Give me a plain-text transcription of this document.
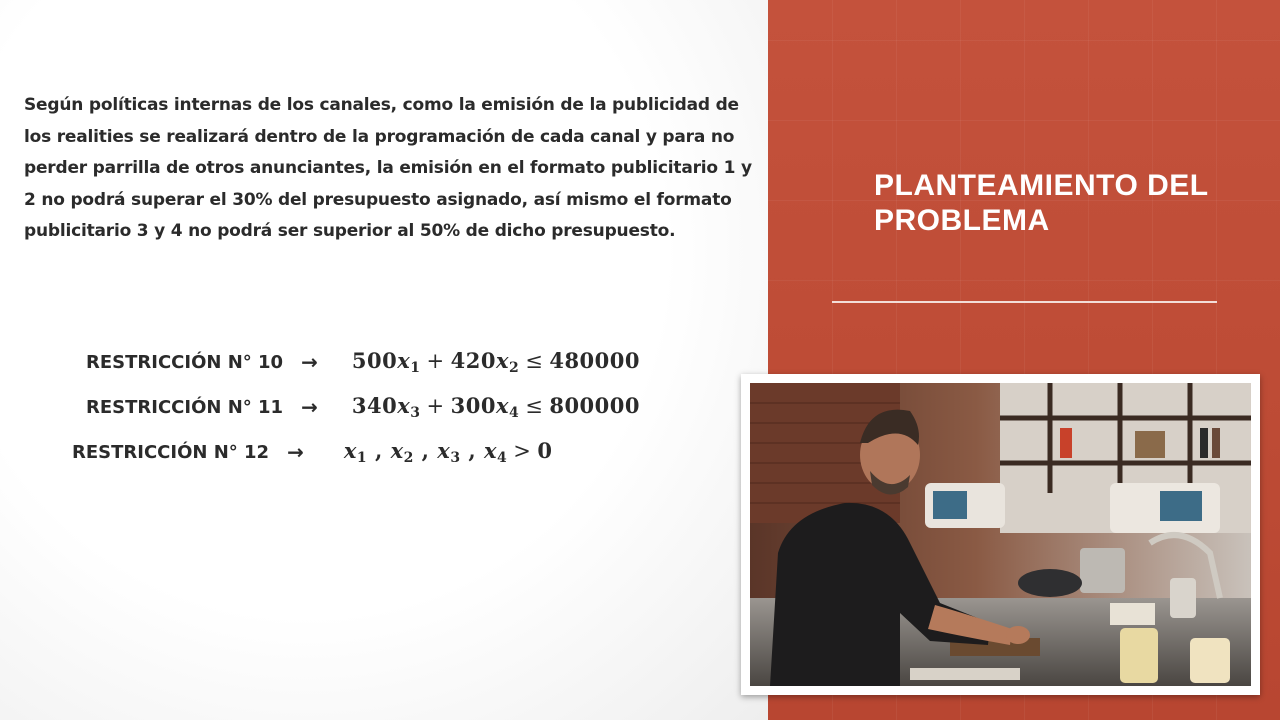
Según políticas internas de los canales, como la emisión de la publicidad de los realities se realizará dentro de la programación de cada canal y para no perder parrilla de otros anunciantes, la emisión en el formato publicitario 1 y 2 no podrá superar el 30% del presupuesto asignado, así mismo el formato publicitario 3 y 4 no podrá ser superior al 50% de dicho presupuesto.

RESTRICCIÓN N° $10 \to 500x_1 + 420x_2 \le 480000$
RESTRICCIÓN N° $11 \to 340x_3 + 300x_4 \le 800000$
RESTRICCIÓN N° $12 \to x_1$ , $x_2$ , $x_3$ , $x_4 > 0$
PLANTEAMIENTO DEL PROBLEMA
